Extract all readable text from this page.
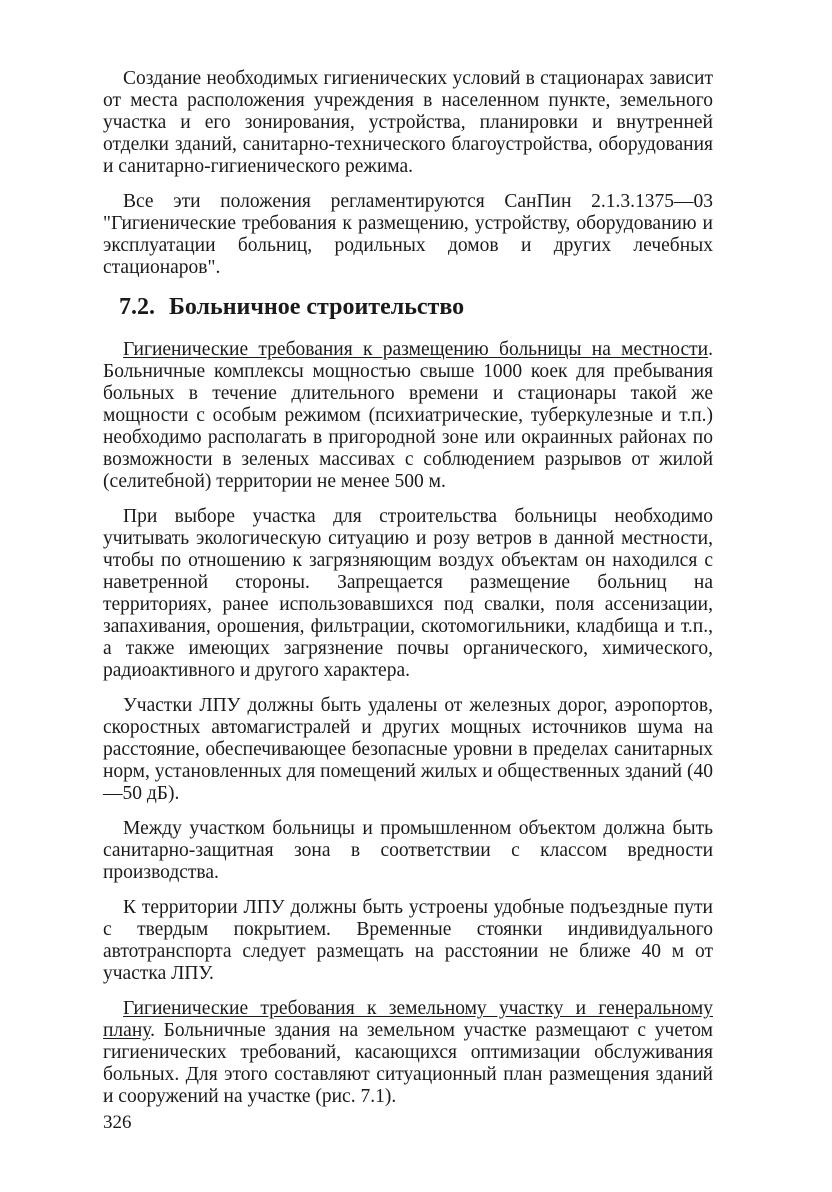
Создание необходимых гигиенических условий в стационарах зависит от места расположения учреждения в населенном пункте, земельного участка и его зонирования, устройства, планировки и внутренней отделки зданий, санитарно-технического благоустройства, оборудования и санитарно-гигиенического режима.

Все эти положения регламентируются СанПин 2.1.3.1375—03 "Гигиенические требования к размещению, устройству, оборудованию и эксплуатации больниц, родильных домов и других лечебных стационаров".

7.2. Больничное строительство

Гигиенические требования к размещению больницы на местности. Больничные комплексы мощностью свыше 1000 коек для пребывания больных в течение длительного времени и стационары такой же мощности с особым режимом (психиатрические, туберкулезные и т.п.) необходимо располагать в пригородной зоне или окраинных районах по возможности в зеленых массивах с соблюдением разрывов от жилой (селитебной) территории не менее 500 м.

При выборе участка для строительства больницы необходимо учитывать экологическую ситуацию и розу ветров в данной местности, чтобы по отношению к загрязняющим воздух объектам он находился с наветренной стороны. Запрещается размещение больниц на территориях, ранее использовавшихся под свалки, поля ассенизации, запахивания, орошения, фильтрации, скотомогильники, кладбища и т.п., а также имеющих загрязнение почвы органического, химического, радиоактивного и другого характера.

Участки ЛПУ должны быть удалены от железных дорог, аэропортов, скоростных автомагистралей и других мощных источников шума на расстояние, обеспечивающее безопасные уровни в пределах санитарных норм, установленных для помещений жилых и общественных зданий (40—50 дБ).

Между участком больницы и промышленном объектом должна быть санитарно-защитная зона в соответствии с классом вредности производства.

К территории ЛПУ должны быть устроены удобные подъездные пути с твердым покрытием. Временные стоянки индивидуального автотранспорта следует размещать на расстоянии не ближе 40 м от участка ЛПУ.

Гигиенические требования к земельному участку и генеральному плану. Больничные здания на земельном участке размещают с учетом гигиенических требований, касающихся оптимизации обслуживания больных. Для этого составляют ситуационный план размещения зданий и сооружений на участке (рис. 7.1).

326
